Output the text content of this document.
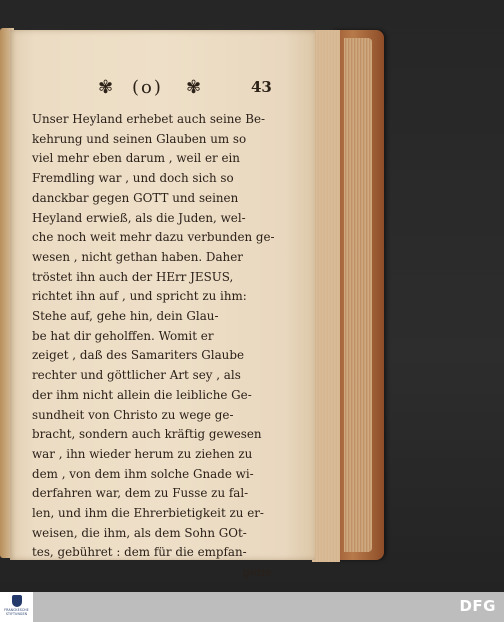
✾ (o) ✾	43
Unser Heyland erhebet auch seine Be-
kehrung und seinen Glauben um so
viel mehr eben darum , weil er ein
Fremdling war , und doch sich so
danckbar gegen GOTT und seinen
Heyland erwieß, als die Juden, wel-
che noch weit mehr dazu verbunden ge-
wesen , nicht gethan haben. Daher
tröstet ihn auch der HErr JESUS,
richtet ihn auf , und spricht zu ihm:
Stehe auf, gehe hin, dein Glau-
be hat dir geholffen. Womit er
zeiget , daß des Samariters Glaube
rechter und göttlicher Art sey , als
der ihm nicht allein die leibliche Ge-
sundheit von Christo zu wege ge-
bracht, sondern auch kräftig gewesen
war , ihn wieder herum zu ziehen zu
dem , von dem ihm solche Gnade wi-
derfahren war, dem zu Fusse zu fal-
len, und ihm die Ehrerbietigkeit zu er-
weisen, die ihm, als dem Sohn GOt-
tes, gebühret : dem für die empfan-
gene
FRANCKESCHE STIFTUNGEN	DFG
